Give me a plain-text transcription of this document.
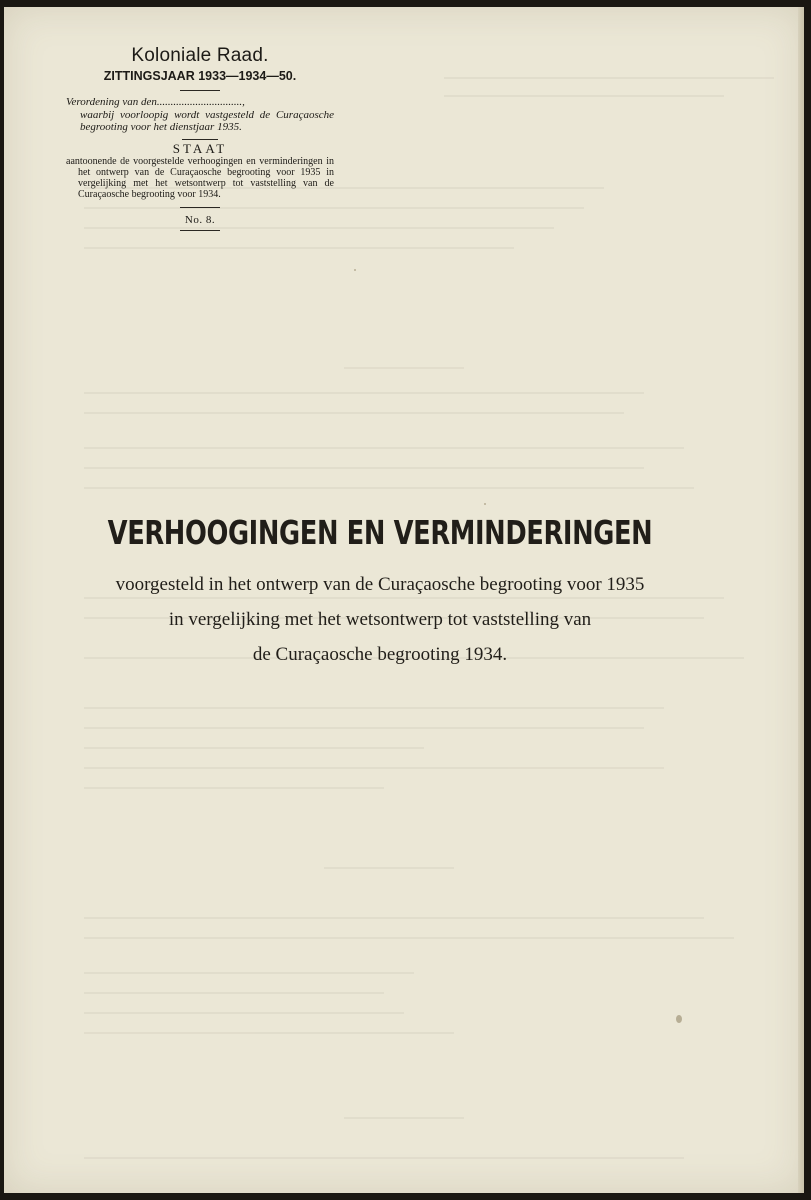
Koloniale Raad.
ZITTINGSJAAR 1933—1934—50.
Verordening van den...............................,
waarbij voorloopig wordt vastgesteld de Curaçaosche begrooting voor het dienstjaar 1935.
STAAT
aantoonende de voorgestelde verhoogingen en verminderingen in het ontwerp van de Curaçaosche begrooting voor 1935 in vergelijking met het wetsontwerp tot vaststelling van de Curaçaosche begrooting voor 1934.
No. 8.
VERHOOGINGEN EN VERMINDERINGEN
voorgesteld in het ontwerp van de Curaçaosche begrooting voor 1935
in vergelijking met het wetsontwerp tot vaststelling van
de Curaçaosche begrooting 1934.
